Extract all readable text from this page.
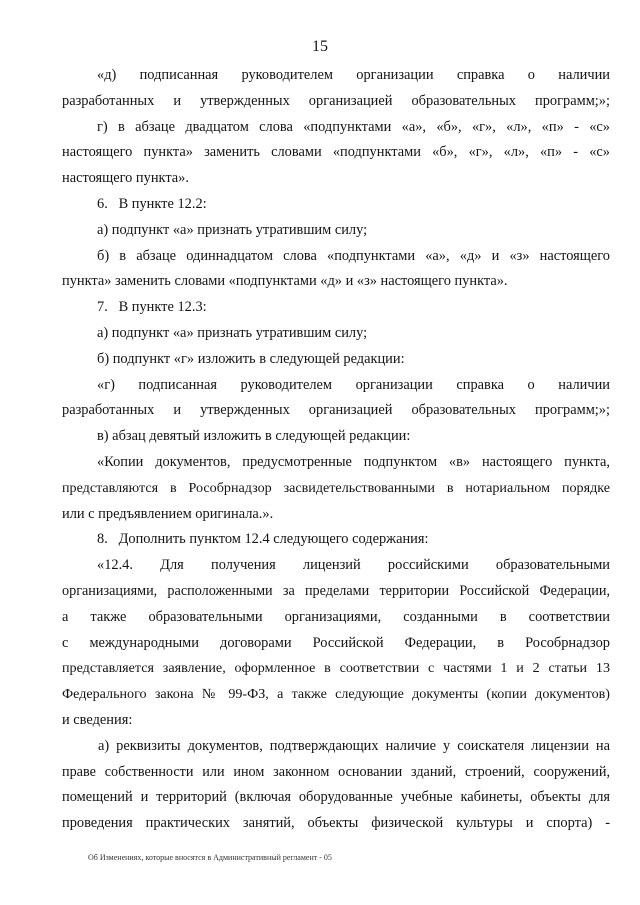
15

«д) подписанная руководителем организации справка о наличии

разработанных и утвержденных организацией образовательных программ;»;

г) в абзаце двадцатом слова «подпунктами «а», «б», «г», «л», «п» - «с»

настоящего пункта» заменить словами «подпунктами «б», «г», «л», «п» - «с»

настоящего пункта».

6.   В пункте 12.2:

а) подпункт «а» признать утратившим силу;

б) в абзаце одиннадцатом слова «подпунктами «а», «д» и «з» настоящего

пункта» заменить словами «подпунктами «д» и «з» настоящего пункта».

7.   В пункте 12.3:

а) подпункт «а» признать утратившим силу;

б) подпункт «г» изложить в следующей редакции:

«г) подписанная руководителем организации справка о наличии

разработанных и утвержденных организацией образовательных программ;»;

в) абзац девятый изложить в следующей редакции:

«Копии документов, предусмотренные подпунктом «в» настоящего пункта,

представляются в Рособрнадзор засвидетельствованными в нотариальном порядке

или с предъявлением оригинала.».

8.   Дополнить пунктом 12.4 следующего содержания:

«12.4. Для получения лицензий российскими образовательными

организациями, расположенными за пределами территории Российской Федерации,

а также образовательными организациями, созданными в соответствии

с международными договорами Российской Федерации, в Рособрнадзор

представляется заявление, оформленное в соответствии с частями 1 и 2 статьи 13

Федерального закона № 99-ФЗ, а также следующие документы (копии документов)

и сведения:

а) реквизиты документов, подтверждающих наличие у соискателя лицензии на

праве собственности или ином законном основании зданий, строений, сооружений,

помещений и территорий (включая оборудованные учебные кабинеты, объекты для

проведения практических занятий, объекты физической культуры и спорта) -

Об Изменениях, которые вносятся в Административный регламент - 05
